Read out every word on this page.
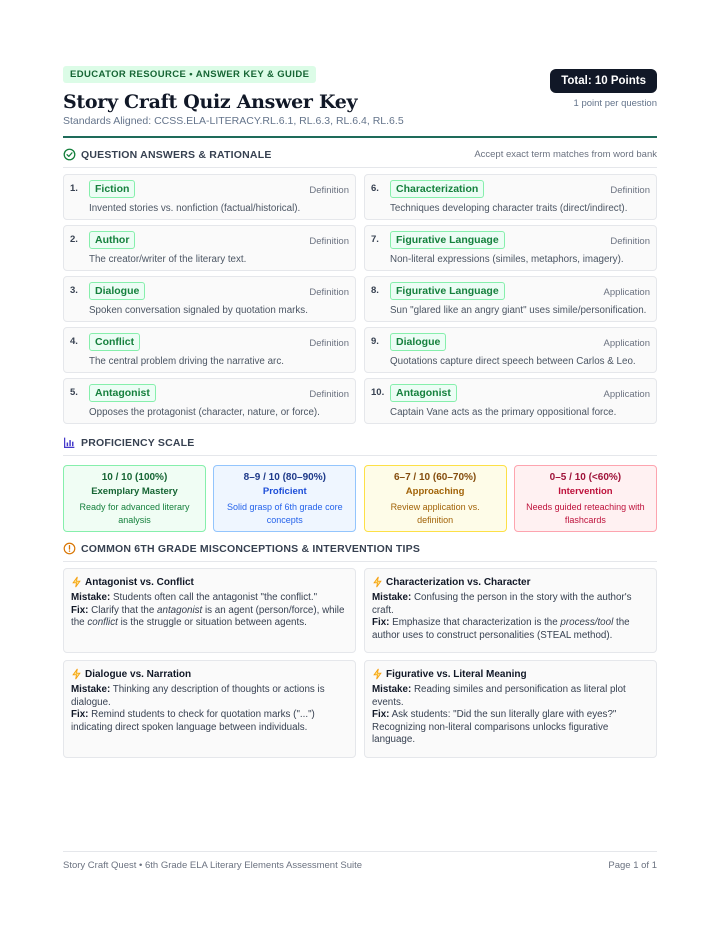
EDUCATOR RESOURCE • ANSWER KEY & GUIDE
Story Craft Quiz Answer Key
Standards Aligned: CCSS.ELA-LITERACY.RL.6.1, RL.6.3, RL.6.4, RL.6.5
Total: 10 Points
1 point per question
QUESTION ANSWERS & RATIONALE	Accept exact term matches from word bank
1.	Fiction	Definition
Invented stories vs. nonfiction (factual/historical).
6.	Characterization	Definition
Techniques developing character traits (direct/indirect).
2.	Author	Definition
The creator/writer of the literary text.
7.	Figurative Language	Definition
Non-literal expressions (similes, metaphors, imagery).
3.	Dialogue	Definition
Spoken conversation signaled by quotation marks.
8.	Figurative Language	Application
Sun "glared like an angry giant" uses simile/personification.
4.	Conflict	Definition
The central problem driving the narrative arc.
9.	Dialogue	Application
Quotations capture direct speech between Carlos & Leo.
5.	Antagonist	Definition
Opposes the protagonist (character, nature, or force).
10.	Antagonist	Application
Captain Vane acts as the primary oppositional force.
PROFICIENCY SCALE
10 / 10 (100%)
Exemplary Mastery
Ready for advanced literary analysis
8–9 / 10 (80–90%)
Proficient
Solid grasp of 6th grade core concepts
6–7 / 10 (60–70%)
Approaching
Review application vs. definition
0–5 / 10 (<60%)
Intervention
Needs guided reteaching with flashcards
COMMON 6TH GRADE MISCONCEPTIONS & INTERVENTION TIPS
Antagonist vs. Conflict
Mistake: Students often call the antagonist "the conflict."
Fix: Clarify that the antagonist is an agent (person/force), while the conflict is the struggle or situation between agents.
Characterization vs. Character
Mistake: Confusing the person in the story with the author's craft.
Fix: Emphasize that characterization is the process/tool the author uses to construct personalities (STEAL method).
Dialogue vs. Narration
Mistake: Thinking any description of thoughts or actions is dialogue.
Fix: Remind students to check for quotation marks ("...") indicating direct spoken language between individuals.
Figurative vs. Literal Meaning
Mistake: Reading similes and personification as literal plot events.
Fix: Ask students: "Did the sun literally glare with eyes?" Recognizing non-literal comparisons unlocks figurative language.
Story Craft Quest • 6th Grade ELA Literary Elements Assessment Suite	Page 1 of 1
